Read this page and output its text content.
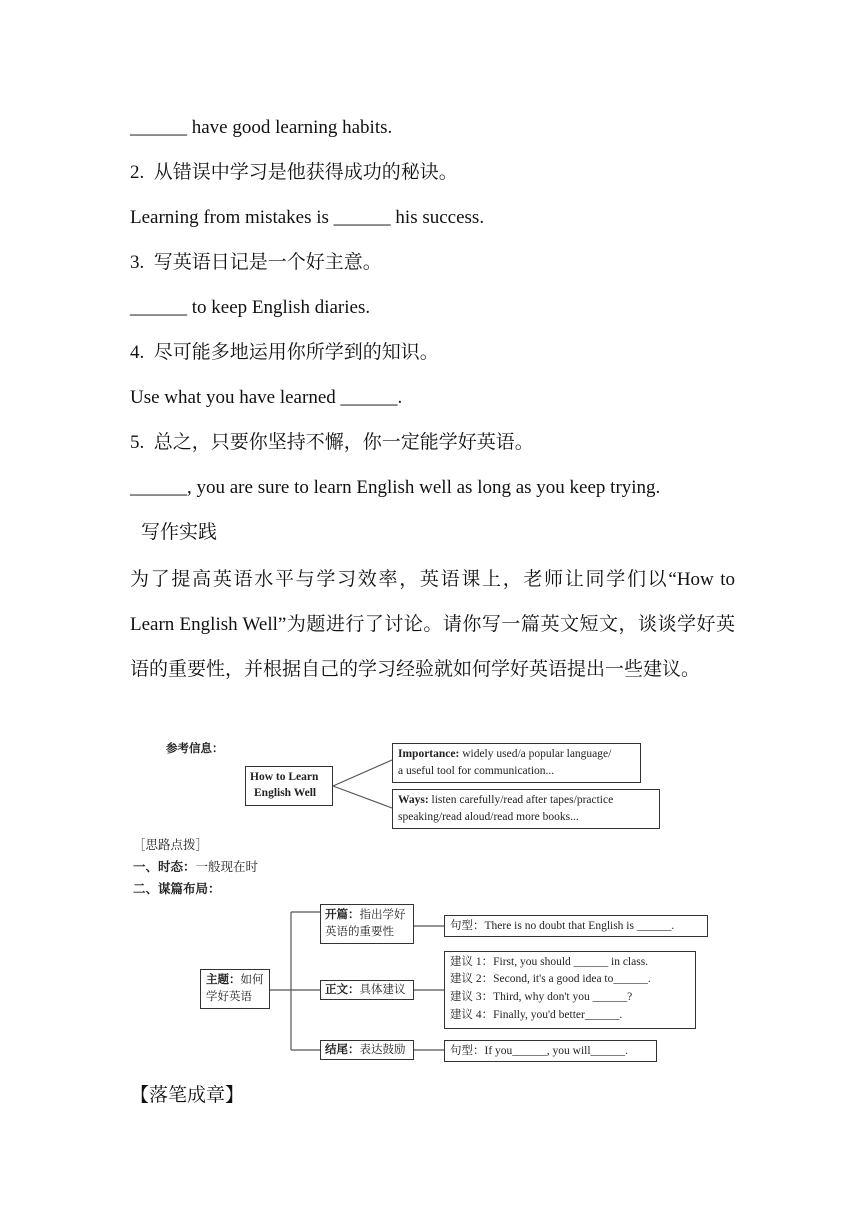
______ have good learning habits.
2. 从错误中学习是他获得成功的秘诀。
Learning from mistakes is ______ his success.
3. 写英语日记是一个好主意。
______ to keep English diaries.
4. 尽可能多地运用你所学到的知识。
Use what you have learned ______.
5. 总之，只要你坚持不懈，你一定能学好英语。
______, you are sure to learn English well as long as you keep trying.
写作实践
为了提高英语水平与学习效率，英语课上，老师让同学们以“How to Learn English Well”为题进行了讨论。请你写一篇英文短文，谈谈学好英语的重要性，并根据自己的学习经验就如何学好英语提出一些建议。
参考信息：
How to Learn
English Well
Importance: widely used/a popular language/
a useful tool for communication...
Ways: listen carefully/read after tapes/practice
speaking/read aloud/read more books...
［思路点拨］
一、时态：一般现在时
二、谋篇布局：
主题：如何
学好英语
开篇：指出学好
英语的重要性	句型：There is no doubt that English is ______.
正文：具体建议
建议 1：First, you should ______ in class.
建议 2：Second, it's a good idea to______.
建议 3：Third, why don't you ______?
建议 4：Finally, you'd better______.
结尾：表达鼓励	句型：If you______, you will______.
【落笔成章】
